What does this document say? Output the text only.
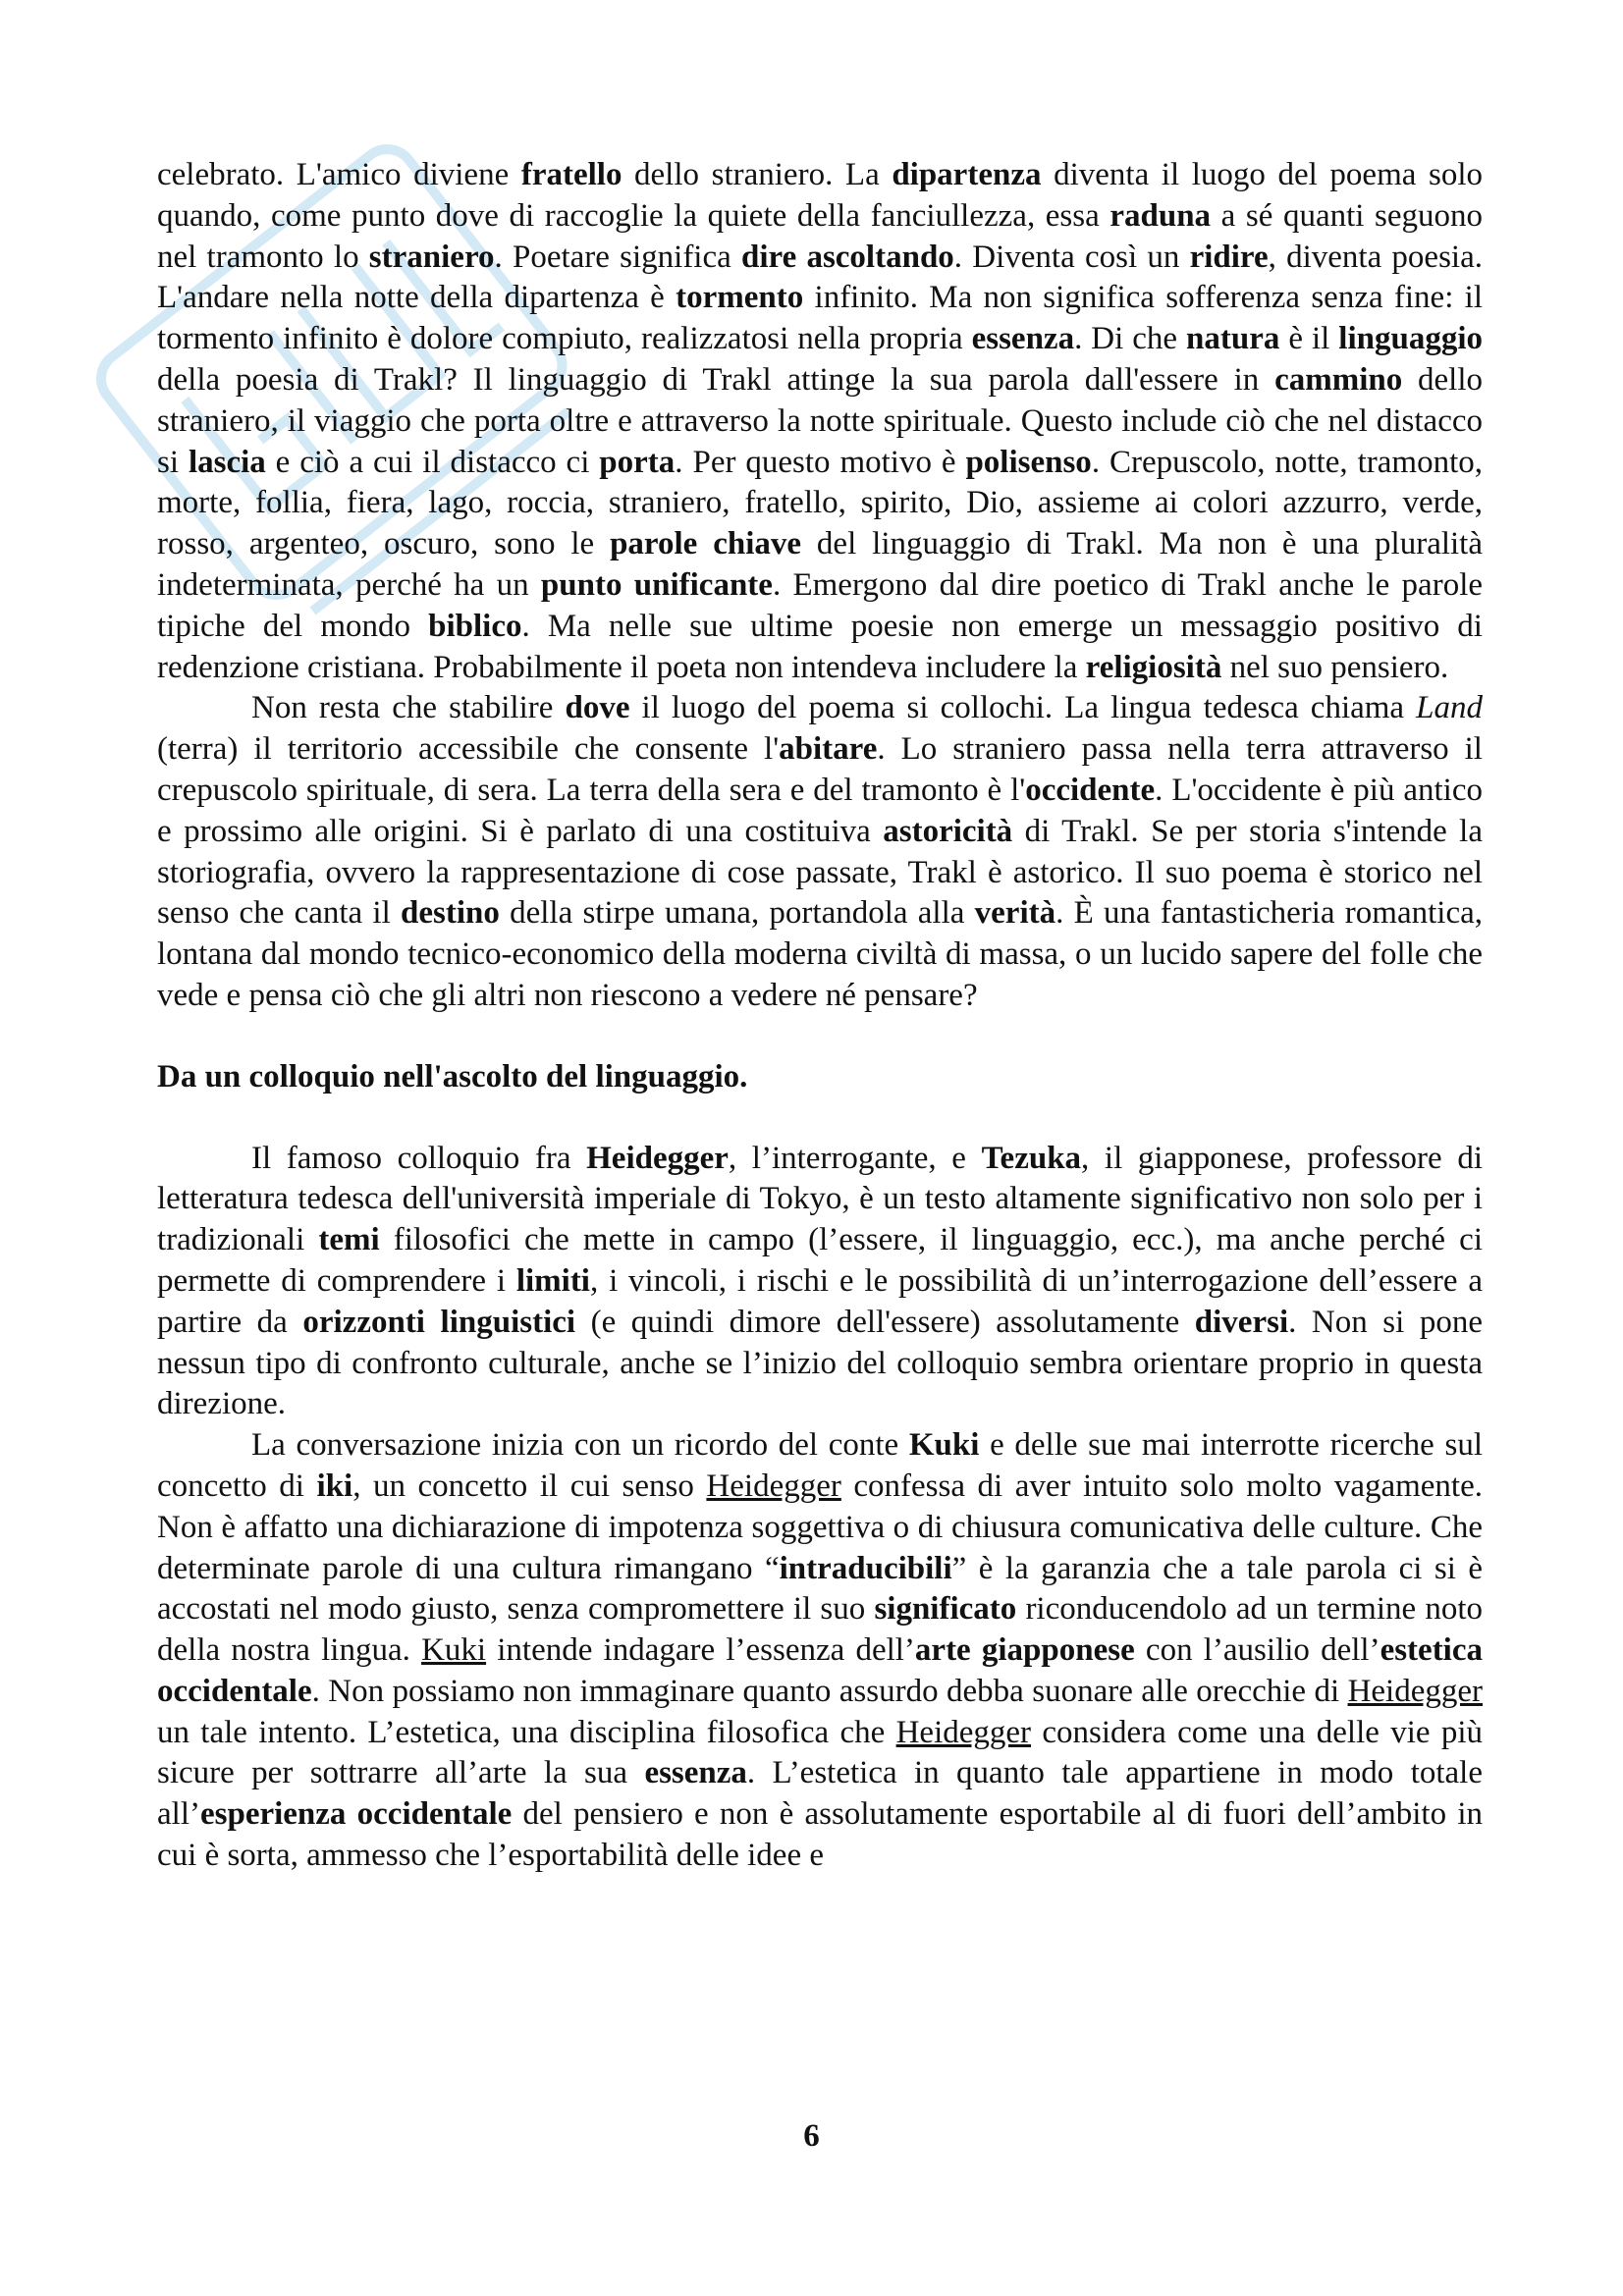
celebrato. L'amico diviene fratello dello straniero. La dipartenza diventa il luogo del poema solo quando, come punto dove di raccoglie la quiete della fanciullezza, essa raduna a sé quanti seguono nel tramonto lo straniero. Poetare significa dire ascoltando. Diventa così un ridire, diventa poesia. L'andare nella notte della dipartenza è tormento infinito. Ma non significa sofferenza senza fine: il tormento infinito è dolore compiuto, realizzatosi nella propria essenza. Di che natura è il linguaggio della poesia di Trakl? Il linguaggio di Trakl attinge la sua parola dall'essere in cammino dello straniero, il viaggio che porta oltre e attraverso la notte spirituale. Questo include ciò che nel distacco si lascia e ciò a cui il distacco ci porta. Per questo motivo è polisenso. Crepuscolo, notte, tramonto, morte, follia, fiera, lago, roccia, straniero, fratello, spirito, Dio, assieme ai colori azzurro, verde, rosso, argenteo, oscuro, sono le parole chiave del linguaggio di Trakl. Ma non è una pluralità indeterminata, perché ha un punto unificante. Emergono dal dire poetico di Trakl anche le parole tipiche del mondo biblico. Ma nelle sue ultime poesie non emerge un messaggio positivo di redenzione cristiana. Probabilmente il poeta non intendeva includere la religiosità nel suo pensiero.

Non resta che stabilire dove il luogo del poema si collochi. La lingua tedesca chiama Land (terra) il territorio accessibile che consente l'abitare. Lo straniero passa nella terra attraverso il crepuscolo spirituale, di sera. La terra della sera e del tramonto è l'occidente. L'occidente è più antico e prossimo alle origini. Si è parlato di una costituiva astoricità di Trakl. Se per storia s'intende la storiografia, ovvero la rappresentazione di cose passate, Trakl è astorico. Il suo poema è storico nel senso che canta il destino della stirpe umana, portandola alla verità. È una fantasticheria romantica, lontana dal mondo tecnico-economico della moderna civiltà di massa, o un lucido sapere del folle che vede e pensa ciò che gli altri non riescono a vedere né pensare?

Da un colloquio nell'ascolto del linguaggio.

Il famoso colloquio fra Heidegger, l’interrogante, e Tezuka, il giapponese, professore di letteratura tedesca dell'università imperiale di Tokyo, è un testo altamente significativo non solo per i tradizionali temi filosofici che mette in campo (l’essere, il linguaggio, ecc.), ma anche perché ci permette di comprendere i limiti, i vincoli, i rischi e le possibilità di un’interrogazione dell’essere a partire da orizzonti linguistici (e quindi dimore dell'essere) assolutamente diversi. Non si pone nessun tipo di confronto culturale, anche se l’inizio del colloquio sembra orientare proprio in questa direzione.

La conversazione inizia con un ricordo del conte Kuki e delle sue mai interrotte ricerche sul concetto di iki, un concetto il cui senso Heidegger confessa di aver intuito solo molto vagamente. Non è affatto una dichiarazione di impotenza soggettiva o di chiusura comunicativa delle culture. Che determinate parole di una cultura rimangano “intraducibili” è la garanzia che a tale parola ci si è accostati nel modo giusto, senza compromettere il suo significato riconducendolo ad un termine noto della nostra lingua. Kuki intende indagare l’essenza dell’arte giapponese con l’ausilio dell’estetica occidentale. Non possiamo non immaginare quanto assurdo debba suonare alle orecchie di Heidegger un tale intento. L’estetica, una disciplina filosofica che Heidegger considera come una delle vie più sicure per sottrarre all’arte la sua essenza. L’estetica in quanto tale appartiene in modo totale all’esperienza occidentale del pensiero e non è assolutamente esportabile al di fuori dell’ambito in cui è sorta, ammesso che l’esportabilità delle idee e

6
